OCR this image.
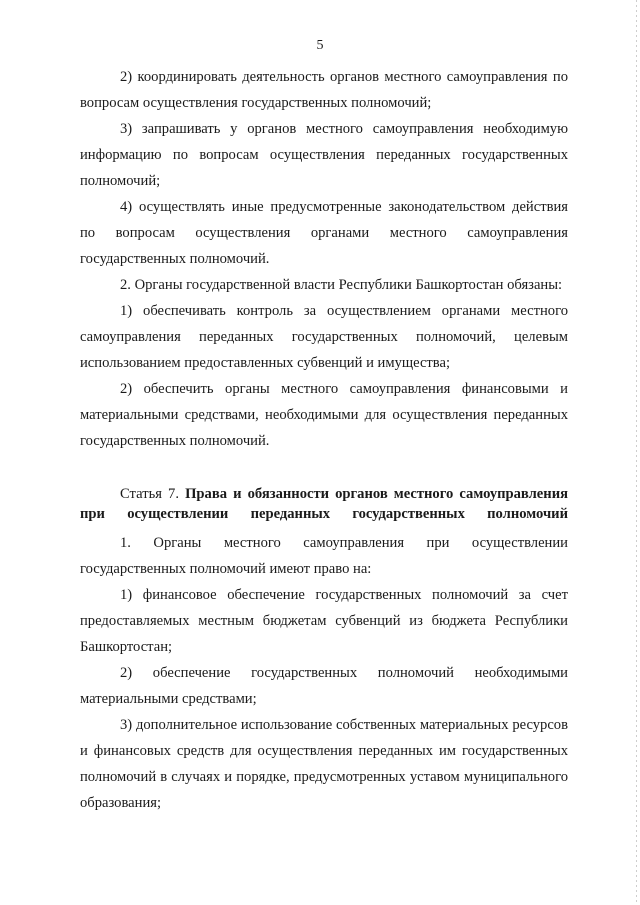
5

2) координировать деятельность органов местного самоуправления по вопросам осуществления государственных полномочий;

3) запрашивать у органов местного самоуправления необходимую информацию по вопросам осуществления переданных государственных полномочий;

4) осуществлять иные предусмотренные законодательством действия по вопросам осуществления органами местного самоуправления государственных полномочий.

2. Органы государственной власти Республики Башкортостан обязаны:

1) обеспечивать контроль за осуществлением органами местного самоуправления переданных государственных полномочий, целевым использованием предоставленных субвенций и имущества;

2) обеспечить органы местного самоуправления финансовыми и материальными средствами, необходимыми для осуществления переданных государственных полномочий.

Статья 7. Права и обязанности органов местного самоуправления при осуществлении переданных государственных полномочий

1. Органы местного самоуправления при осуществлении государственных полномочий имеют право на:

1) финансовое обеспечение государственных полномочий за счет предоставляемых местным бюджетам субвенций из бюджета Республики Башкортостан;

2) обеспечение государственных полномочий необходимыми материальными средствами;

3) дополнительное использование собственных материальных ресурсов и финансовых средств для осуществления переданных им государственных полномочий в случаях и порядке, предусмотренных уставом муниципального образования;
